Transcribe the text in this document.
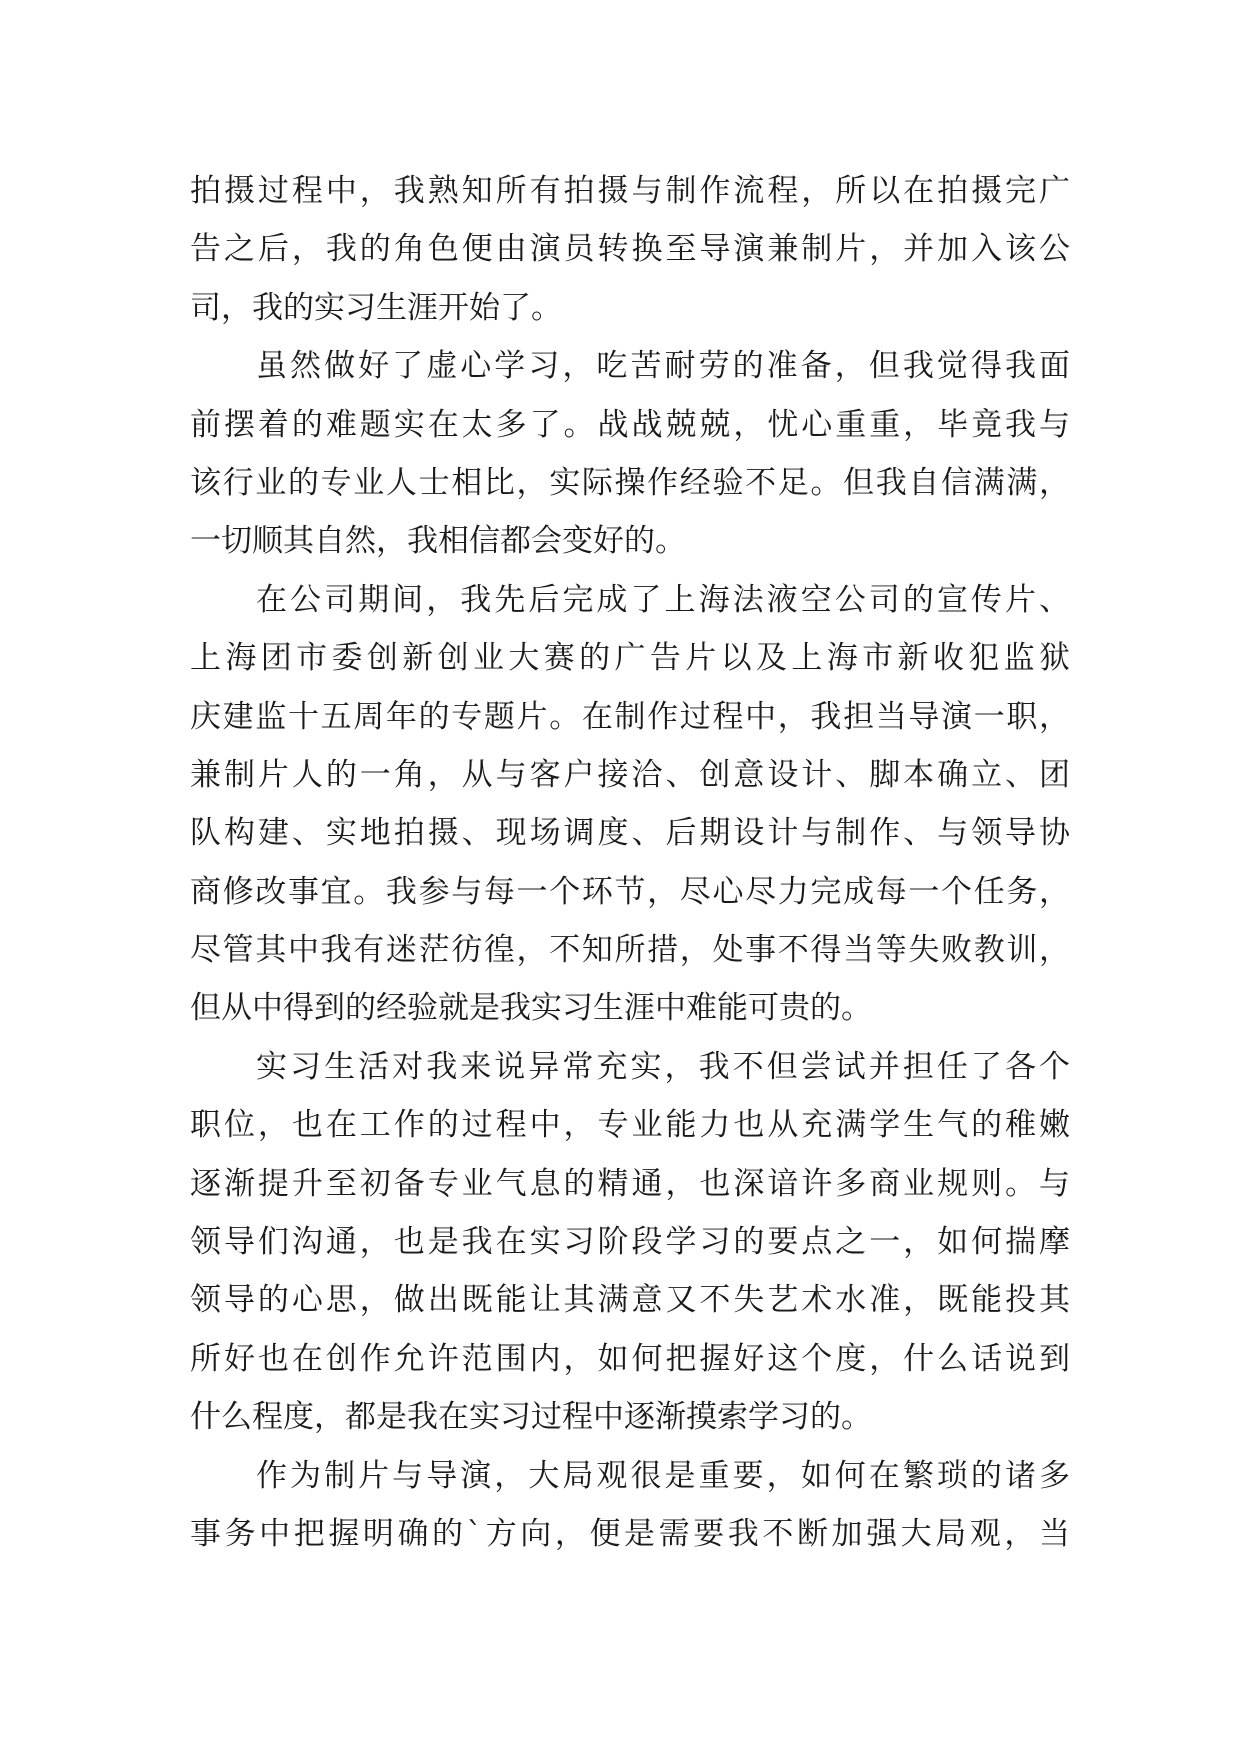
拍摄过程中，我熟知所有拍摄与制作流程，所以在拍摄完广
告之后，我的角色便由演员转换至导演兼制片，并加入该公
司，我的实习生涯开始了。
虽然做好了虚心学习，吃苦耐劳的准备，但我觉得我面
前摆着的难题实在太多了。战战兢兢，忧心重重，毕竟我与
该行业的专业人士相比，实际操作经验不足。但我自信满满，
一切顺其自然，我相信都会变好的。
在公司期间，我先后完成了上海法液空公司的宣传片、
上海团市委创新创业大赛的广告片以及上海市新收犯监狱
庆建监十五周年的专题片。在制作过程中，我担当导演一职，
兼制片人的一角，从与客户接洽、创意设计、脚本确立、团
队构建、实地拍摄、现场调度、后期设计与制作、与领导协
商修改事宜。我参与每一个环节，尽心尽力完成每一个任务，
尽管其中我有迷茫彷徨，不知所措，处事不得当等失败教训，
但从中得到的经验就是我实习生涯中难能可贵的。
实习生活对我来说异常充实，我不但尝试并担任了各个
职位，也在工作的过程中，专业能力也从充满学生气的稚嫩
逐渐提升至初备专业气息的精通，也深谙许多商业规则。与
领导们沟通，也是我在实习阶段学习的要点之一，如何揣摩
领导的心思，做出既能让其满意又不失艺术水准，既能投其
所好也在创作允许范围内，如何把握好这个度，什么话说到
什么程度，都是我在实习过程中逐渐摸索学习的。
作为制片与导演，大局观很是重要，如何在繁琐的诸多
事务中把握明确的`方向，便是需要我不断加强大局观，当
